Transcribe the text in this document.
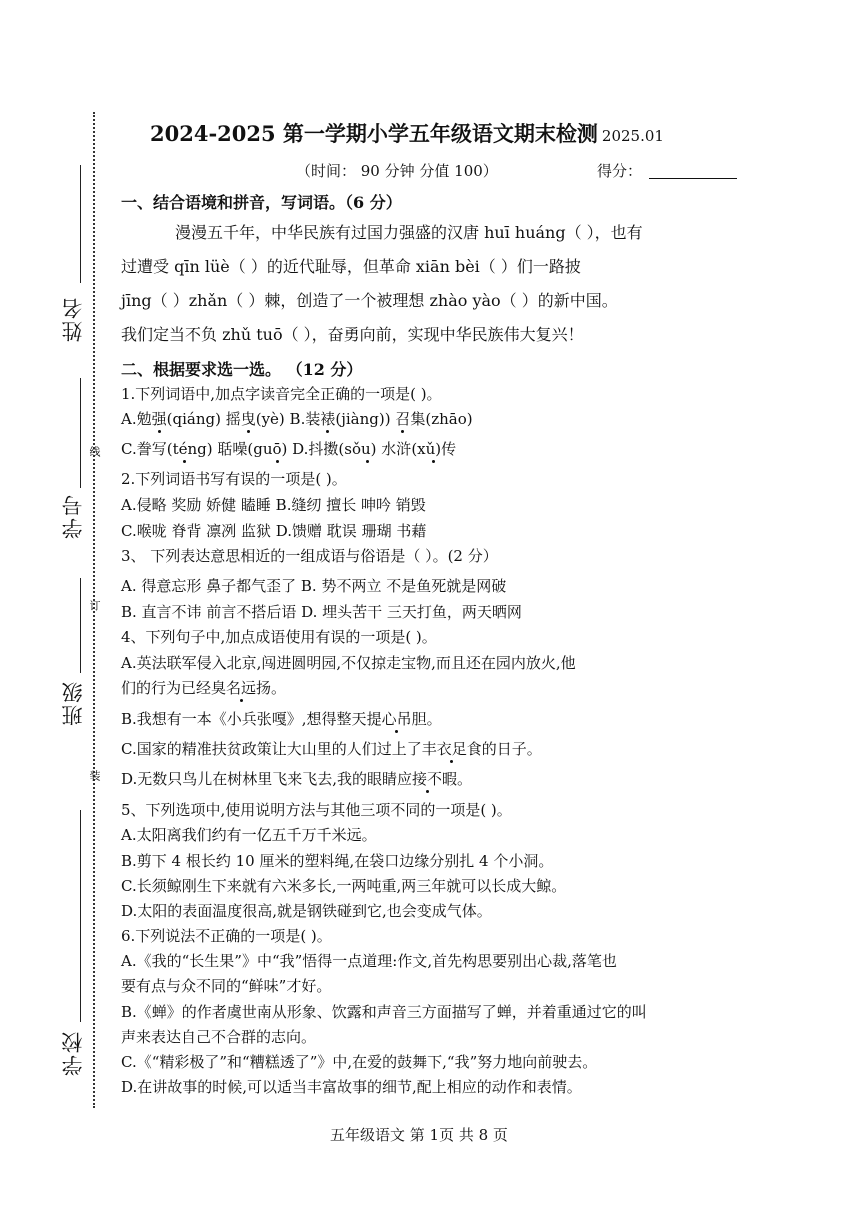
姓名
学号
线
班级
订
学校
装
2024-2025 第一学期小学五年级语文期末检测 2025.01
（时间： 90 分钟 分值 100）	得分：
一、结合语境和拼音，写词语。（6 分）
漫漫五千年，中华民族有过国力强盛的汉唐 huī huáng（ ），也有
过遭受 qīn lüè（ ）的近代耻辱，但革命 xiān bèi（ ）们一路披
jīng（ ）zhǎn（ ）棘，创造了一个被理想 zhào yào（ ）的新中国。
我们定当不负 zhǔ tuō（ ），奋勇向前，实现中华民族伟大复兴！
二、根据要求选一选。 （12 分）
1.下列词语中,加点字读音完全正确的一项是( )。
A.勉强(qiáng) 摇曳(yè) B.装裱(jiàng)) 召集(zhāo)
C.誊写(téng) 聒噪(guō) D.抖擞(sǒu) 水浒(xǔ)传
2.下列词语书写有误的一项是( )。
A.侵略 奖励 娇健 瞌睡 B.缝纫 擅长 呻吟 销毁
C.喉咙 脊背 凛冽 监狱 D.馈赠 耽误 珊瑚 书藉
3、 下列表达意思相近的一组成语与俗语是（ ）。(2 分）
A. 得意忘形 鼻子都气歪了 B. 势不两立 不是鱼死就是网破
B. 直言不讳 前言不搭后语 D. 埋头苦干 三天打鱼，两天晒网
4、下列句子中,加点成语使用有误的一项是( )。
A.英法联军侵入北京,闯进圆明园,不仅掠走宝物,而且还在园内放火,他
们的行为已经臭名远扬。
B.我想有一本《小兵张嘎》,想得整天提心吊胆。
C.国家的精准扶贫政策让大山里的人们过上了丰衣足食的日子。
D.无数只鸟儿在树林里飞来飞去,我的眼睛应接不暇。
5、下列选项中,使用说明方法与其他三项不同的一项是( )。
A.太阳离我们约有一亿五千万千米远。
B.剪下 4 根长约 10 厘米的塑料绳,在袋口边缘分别扎 4 个小洞。
C.长须鲸刚生下来就有六米多长,一两吨重,两三年就可以长成大鲸。
D.太阳的表面温度很高,就是钢铁碰到它,也会变成气体。
6.下列说法不正确的一项是( )。
A.《我的“长生果”》中“我”悟得一点道理:作文,首先构思要别出心裁,落笔也
要有点与众不同的“鲜味”才好。
B.《蝉》的作者虞世南从形象、饮露和声音三方面描写了蝉，并着重通过它的叫
声来表达自己不合群的志向。
C.《“精彩极了”和“糟糕透了”》中,在爱的鼓舞下,“我”努力地向前驶去。
D.在讲故事的时候,可以适当丰富故事的细节,配上相应的动作和表情。
五年级语文 第 1页 共 8 页
